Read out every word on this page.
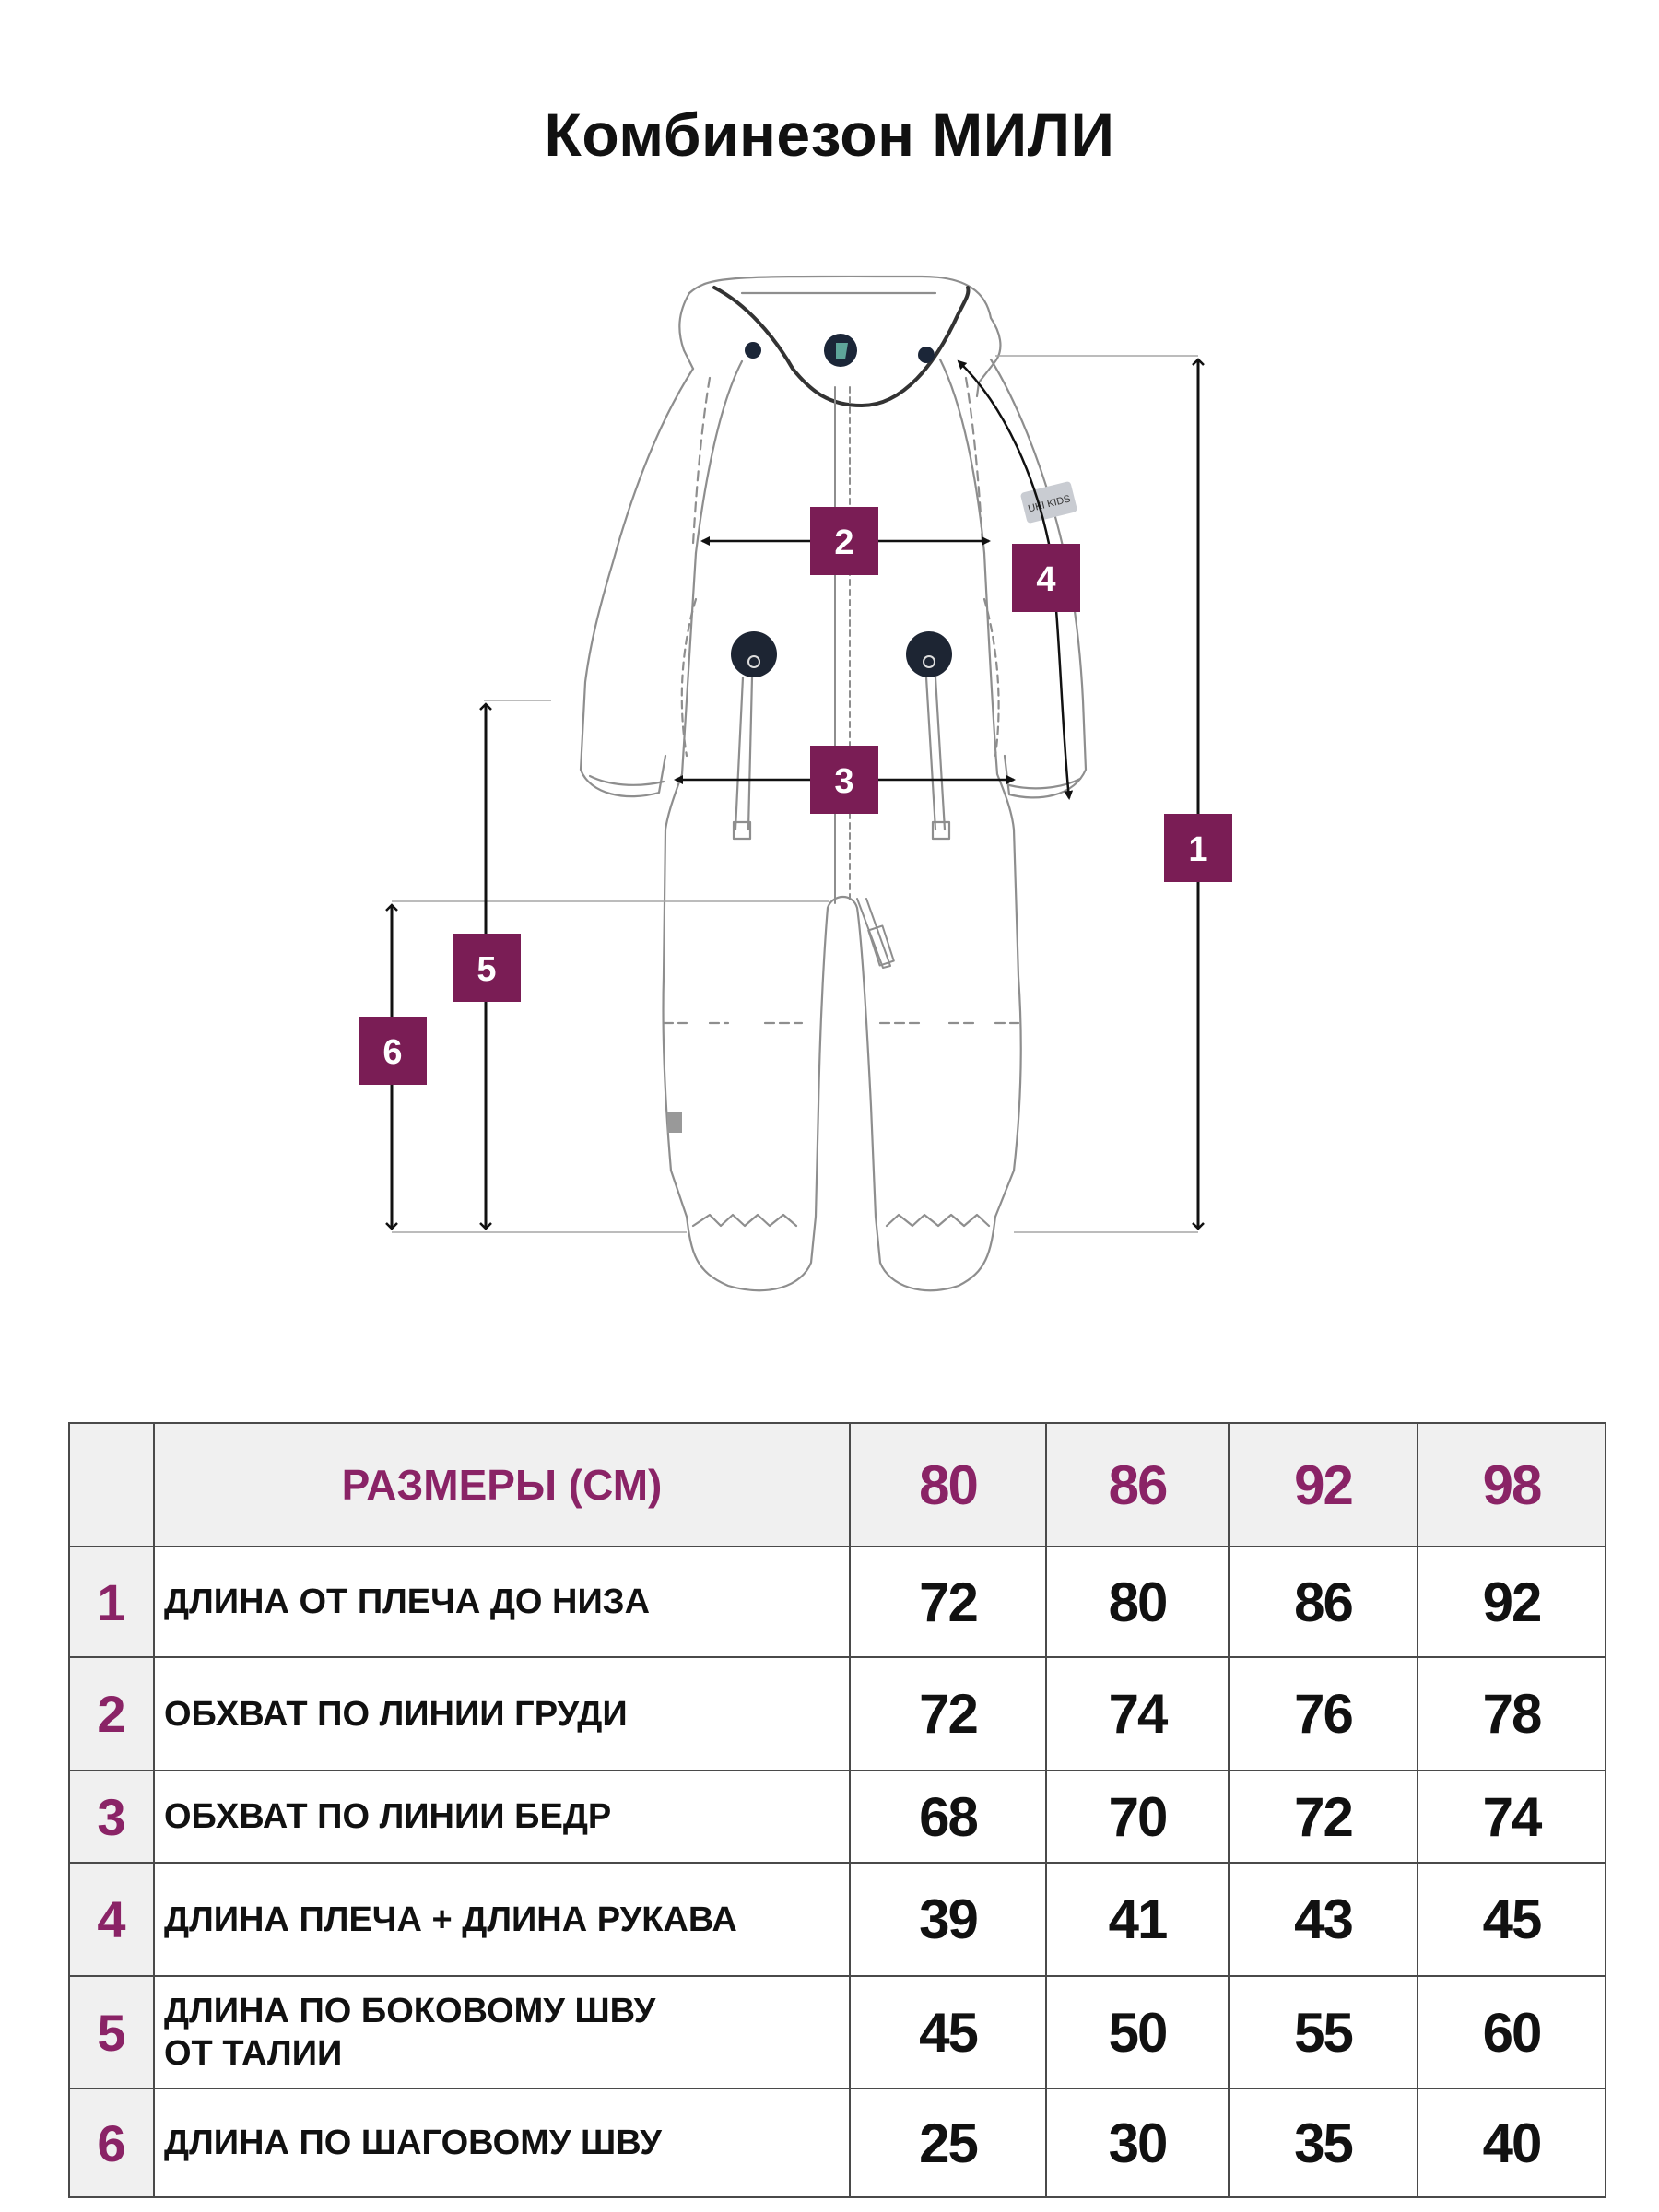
Комбинезон МИЛИ
UKI KIDS
1
2
3
4
5
6
	РАЗМЕРЫ (СМ)	80	86	92	98
1	ДЛИНА ОТ ПЛЕЧА ДО НИЗА	72	80	86	92
2	ОБХВАТ ПО ЛИНИИ ГРУДИ	72	74	76	78
3	ОБХВАТ ПО ЛИНИИ БЕДР	68	70	72	74
4	ДЛИНА ПЛЕЧА + ДЛИНА РУКАВА	39	41	43	45
5	ДЛИНА ПО БОКОВОМУ ШВУ
ОТ ТАЛИИ	45	50	55	60
6	ДЛИНА ПО ШАГОВОМУ ШВУ	25	30	35	40
